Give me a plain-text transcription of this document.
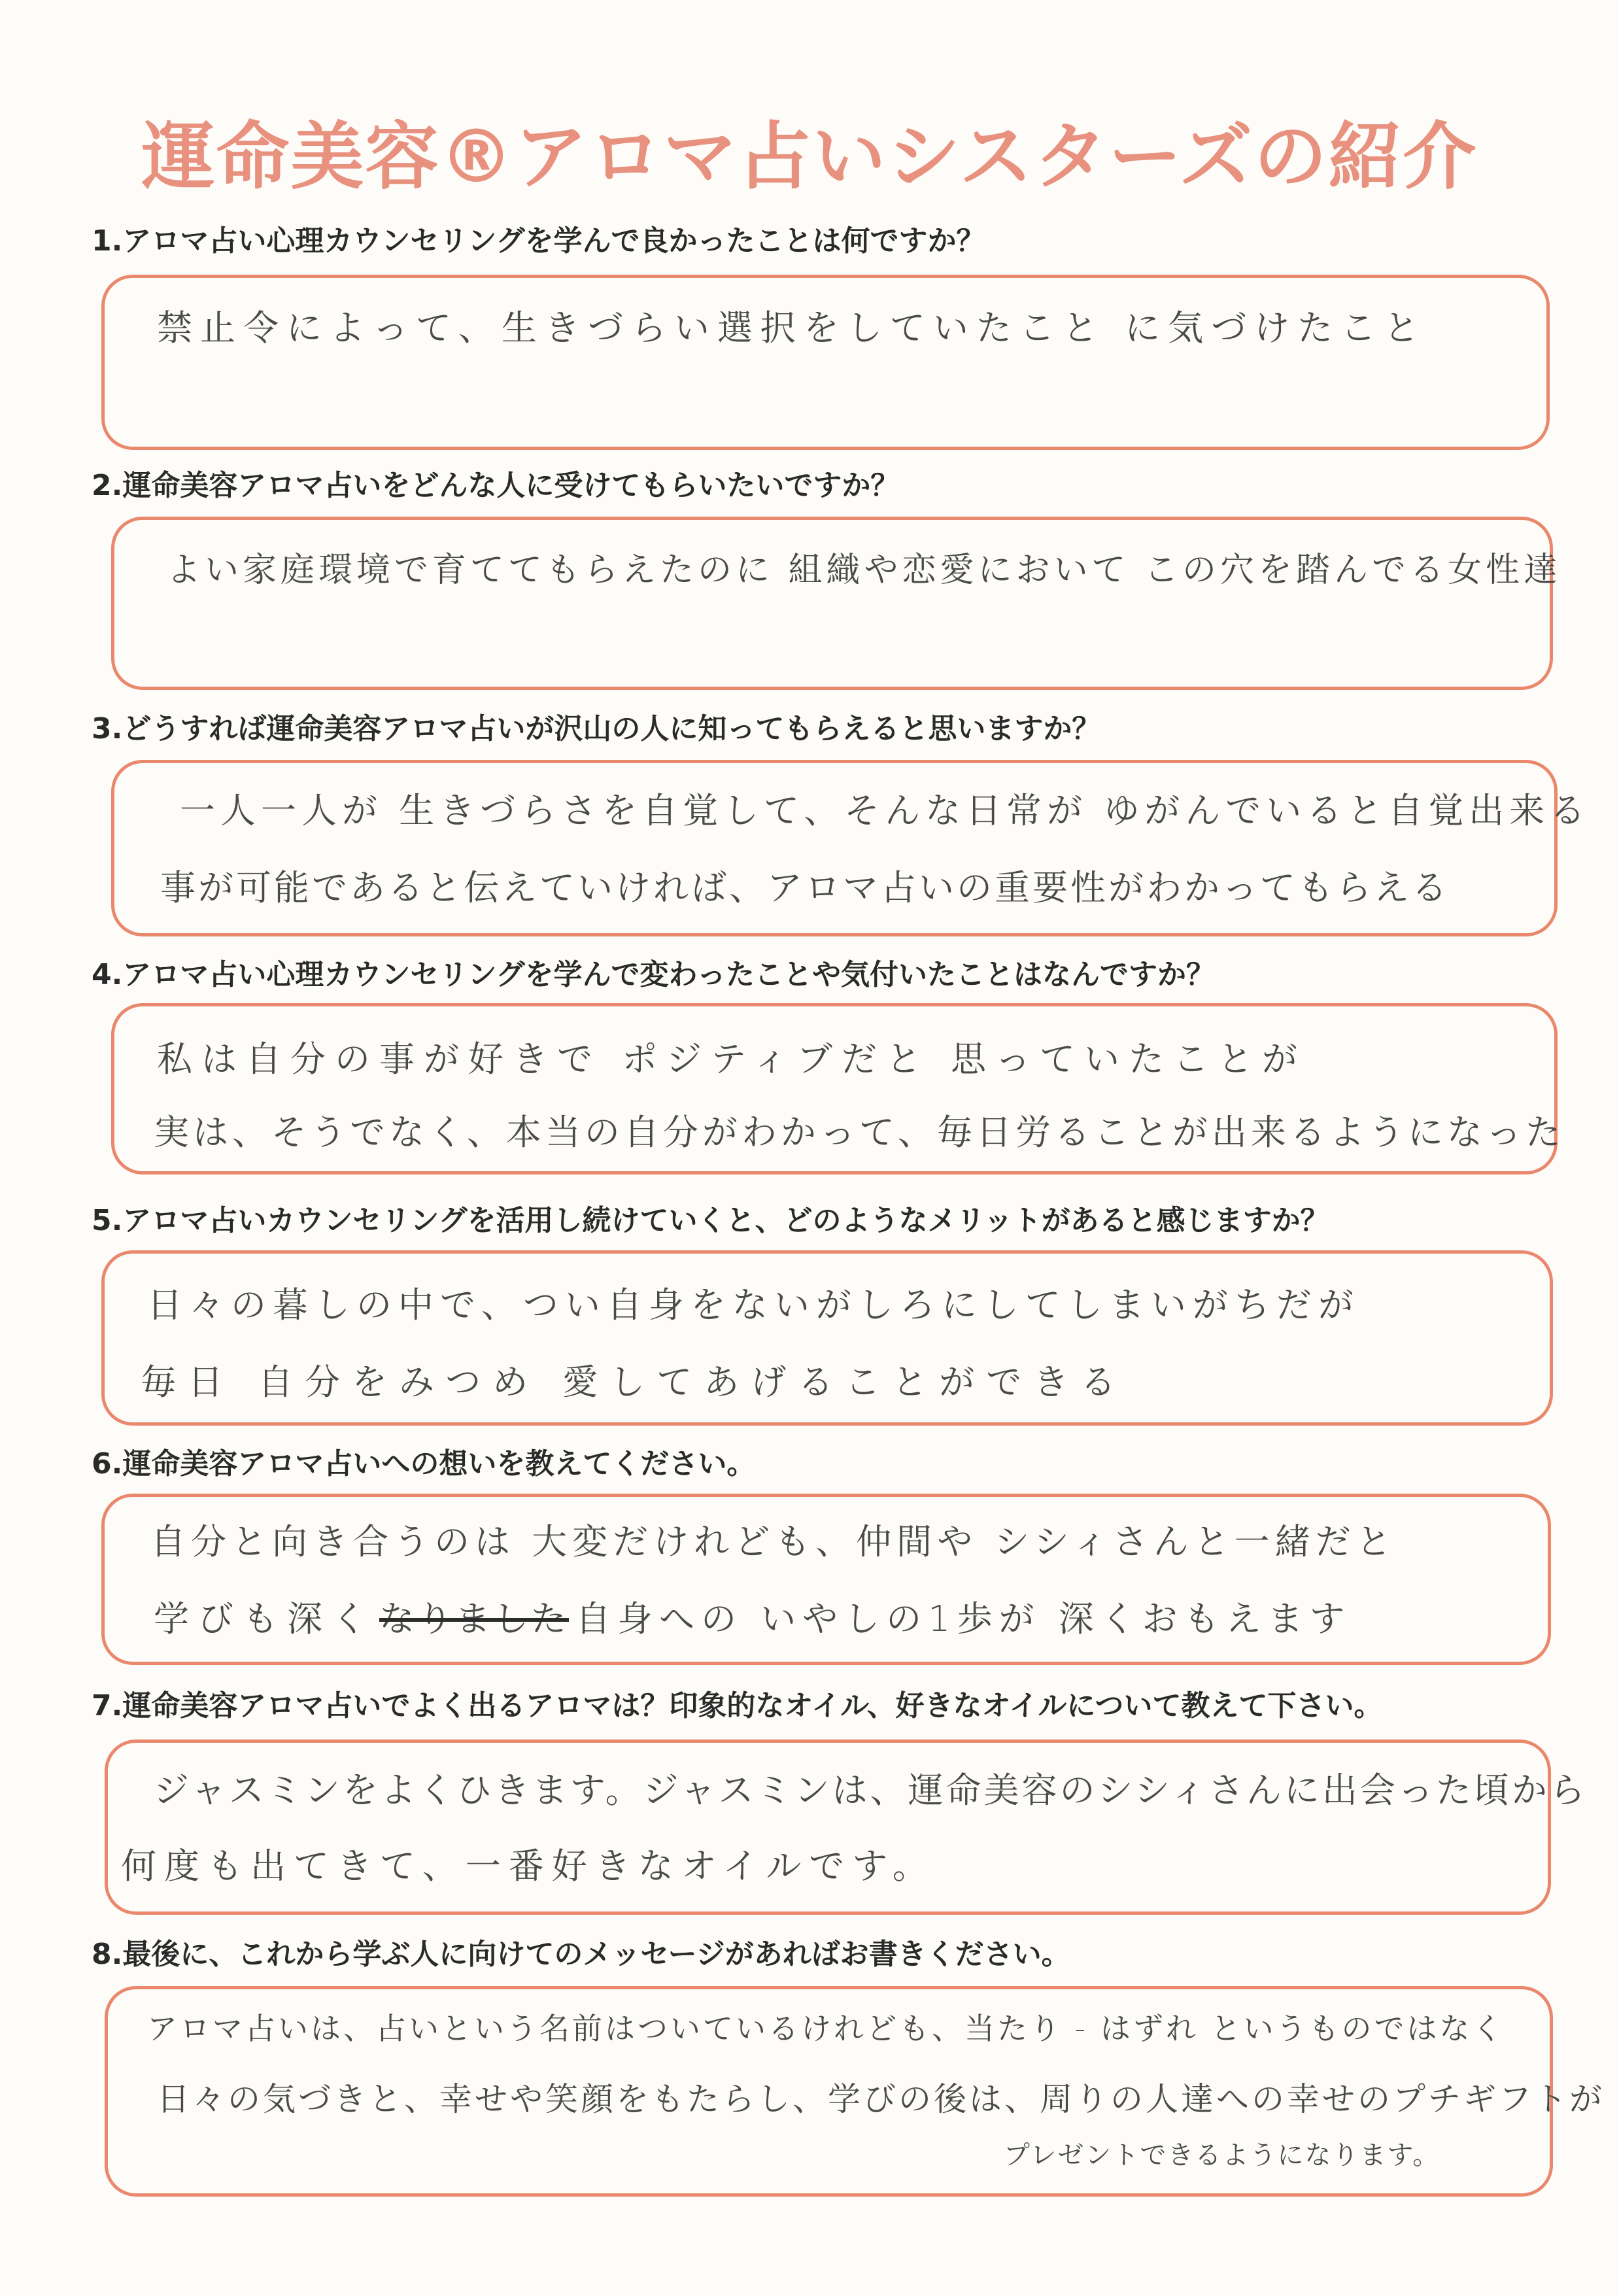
運命美容®アロマ占いシスターズの紹介
1.アロマ占い心理カウンセリングを学んで良かったことは何ですか？
禁止令によって、生きづらい選択をしていたこと に気づけたこと
2.運命美容アロマ占いをどんな人に受けてもらいたいですか？
よい家庭環境で育ててもらえたのに 組織や恋愛において この穴を踏んでる女性達
3.どうすれば運命美容アロマ占いが沢山の人に知ってもらえると思いますか？
一人一人が 生きづらさを自覚して、そんな日常が ゆがんでいると自覚出来る
事が可能であると伝えていければ、アロマ占いの重要性がわかってもらえる
4.アロマ占い心理カウンセリングを学んで変わったことや気付いたことはなんですか？
私は自分の事が好きで ポジティブだと 思っていたことが
実は、そうでなく、本当の自分がわかって、毎日労ることが出来るようになった
5.アロマ占いカウンセリングを活用し続けていくと、どのようなメリットがあると感じますか？
日々の暮しの中で、つい自身をないがしろにしてしまいがちだが
毎日 自分をみつめ 愛してあげることができる
6.運命美容アロマ占いへの想いを教えてください。
自分と向き合うのは 大変だけれども、仲間や シシィさんと一緒だと
学びも深く なりました 自身への いやしの1歩が 深くおもえます
7.運命美容アロマ占いでよく出るアロマは？印象的なオイル、好きなオイルについて教えて下さい。
ジャスミンをよくひきます。ジャスミンは、運命美容のシシィさんに出会った頃から
何度も出てきて、一番好きなオイルです。
8.最後に、これから学ぶ人に向けてのメッセージがあればお書きください。
アロマ占いは、占いという名前はついているけれども、当たり - はずれ というものではなく
日々の気づきと、幸せや笑顔をもたらし、学びの後は、周りの人達への幸せのプチギフトが
プレゼントできるようになります。
